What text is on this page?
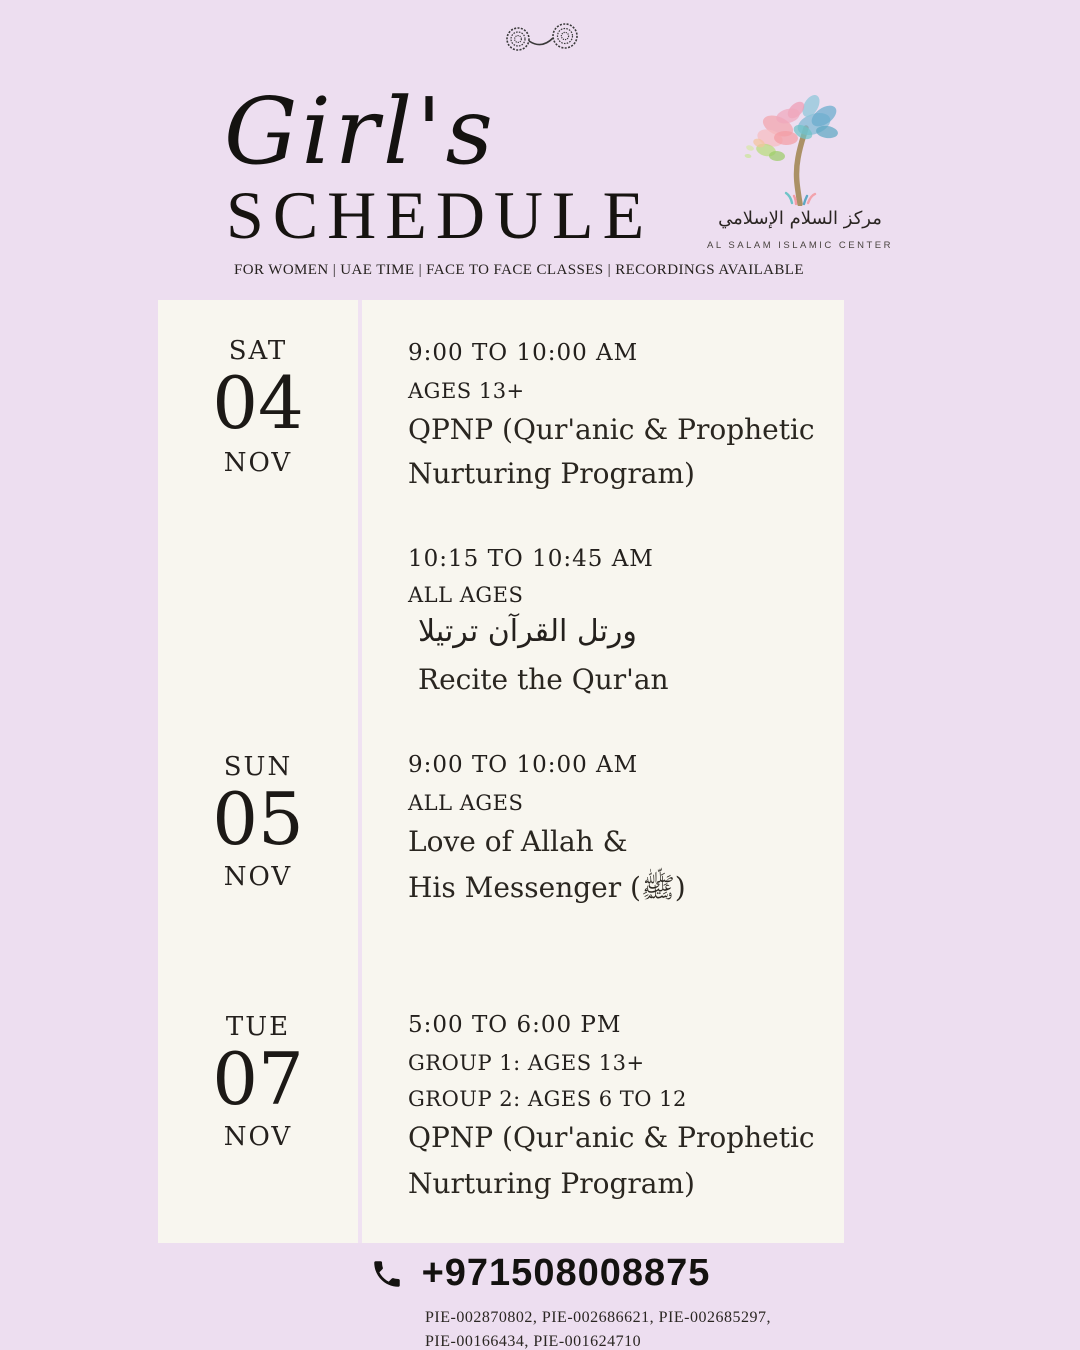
Girl's
SCHEDULE
FOR WOMEN | UAE TIME | FACE TO FACE CLASSES | RECORDINGS AVAILABLE
مركز السلام الإسلامي
AL SALAM ISLAMIC CENTER
SAT
04
NOV
9:00 TO 10:00 AM
AGES 13+
QPNP (Qur'anic & Prophetic
Nurturing Program)
10:15 TO 10:45 AM
ALL AGES
ورتل القرآن ترتيلا
Recite the Qur'an
SUN
05
NOV
9:00 TO 10:00 AM
ALL AGES
Love of Allah &
His Messenger (ﷺ)
TUE
07
NOV
5:00 TO 6:00 PM
GROUP 1: AGES 13+
GROUP 2: AGES 6 TO 12
QPNP (Qur'anic & Prophetic
Nurturing Program)
+971508008875
PIE-002870802, PIE-002686621, PIE-002685297,
PIE-00166434, PIE-001624710
